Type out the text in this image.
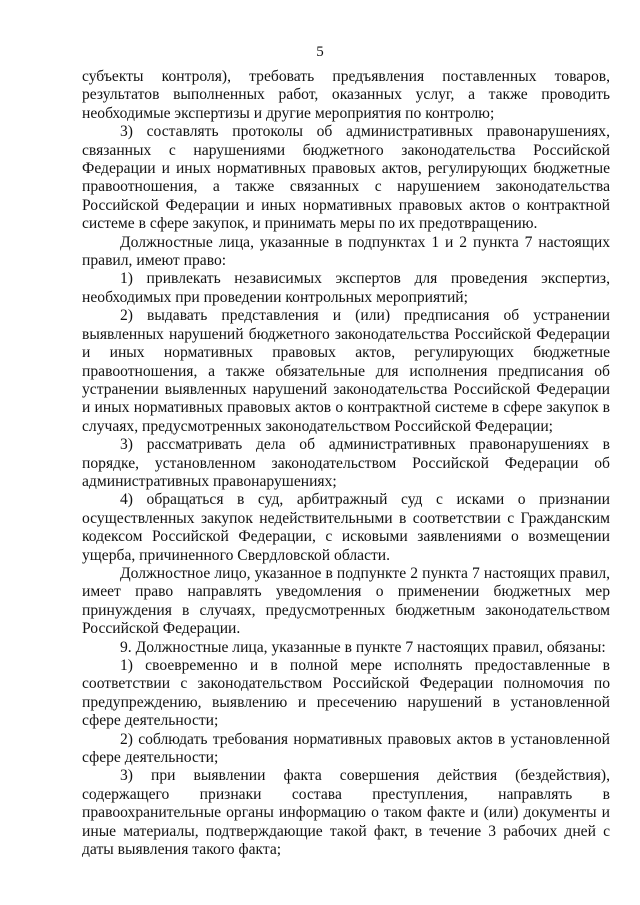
5

субъекты контроля), требовать предъявления поставленных товаров, результатов выполненных работ, оказанных услуг, а также проводить необходимые экспертизы и другие мероприятия по контролю;

3) составлять протоколы об административных правонарушениях, связанных с нарушениями бюджетного законодательства Российской Федерации и иных нормативных правовых актов, регулирующих бюджетные правоотношения, а также связанных с нарушением законодательства Российской Федерации и иных нормативных правовых актов о контрактной системе в сфере закупок, и принимать меры по их предотвращению.

Должностные лица, указанные в подпунктах 1 и 2 пункта 7 настоящих правил, имеют право:

1) привлекать независимых экспертов для проведения экспертиз, необходимых при проведении контрольных мероприятий;

2) выдавать представления и (или) предписания об устранении выявленных нарушений бюджетного законодательства Российской Федерации и иных нормативных правовых актов, регулирующих бюджетные правоотношения, а также обязательные для исполнения предписания об устранении выявленных нарушений законодательства Российской Федерации и иных нормативных правовых актов о контрактной системе в сфере закупок в случаях, предусмотренных законодательством Российской Федерации;

3) рассматривать дела об административных правонарушениях в порядке, установленном законодательством Российской Федерации об административных правонарушениях;

4) обращаться в суд, арбитражный суд с исками о признании осуществленных закупок недействительными в соответствии с Гражданским кодексом Российской Федерации, с исковыми заявлениями о возмещении ущерба, причиненного Свердловской области.

Должностное лицо, указанное в подпункте 2 пункта 7 настоящих правил, имеет право направлять уведомления о применении бюджетных мер принуждения в случаях, предусмотренных бюджетным законодательством Российской Федерации.

9. Должностные лица, указанные в пункте 7 настоящих правил, обязаны:

1) своевременно и в полной мере исполнять предоставленные в соответствии с законодательством Российской Федерации полномочия по предупреждению, выявлению и пресечению нарушений в установленной сфере деятельности;

2) соблюдать требования нормативных правовых актов в установленной сфере деятельности;

3) при выявлении факта совершения действия (бездействия), содержащего признаки состава преступления, направлять в правоохранительные органы информацию о таком факте и (или) документы и иные материалы, подтверждающие такой факт, в течение 3 рабочих дней с даты выявления такого факта;
